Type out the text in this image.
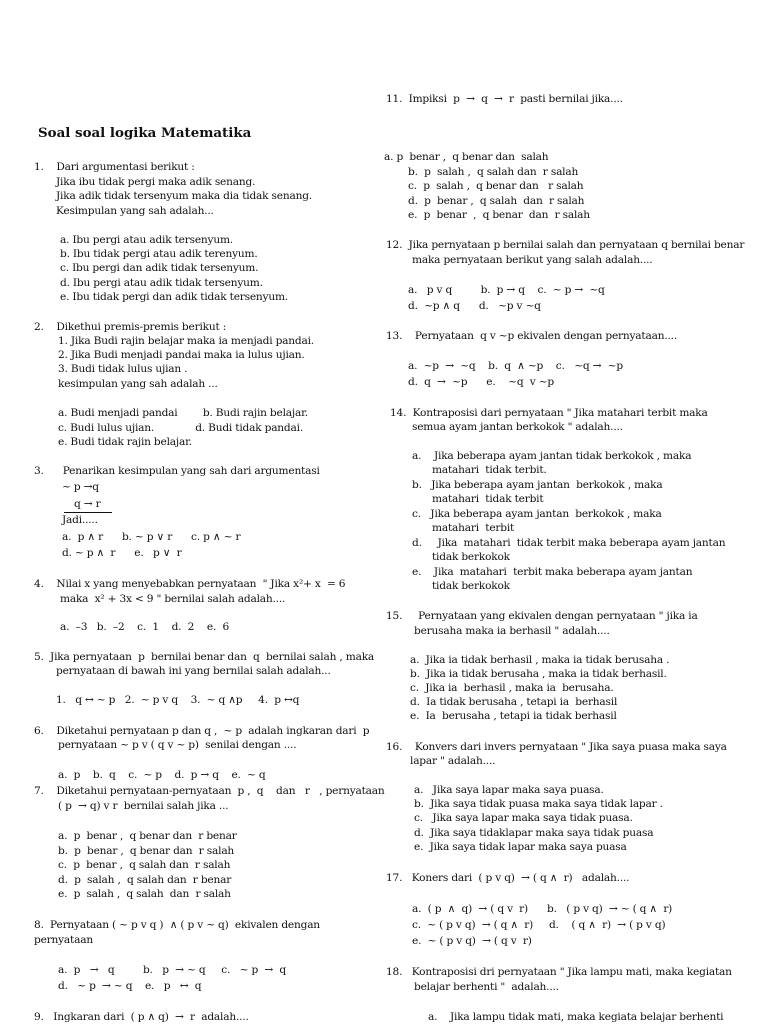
Soal soal logika Matematika
1.    Dari argumentasi berikut :
Jika ibu tidak pergi maka adik senang.
Jika adik tidak tersenyum maka dia tidak senang.
Kesimpulan yang sah adalah...
a. Ibu pergi atau adik tersenyum.
b. Ibu tidak pergi atau adik terenyum.
c. Ibu pergi dan adik tidak tersenyum.
d. Ibu pergi atau adik tidak tersenyum.
e. Ibu tidak pergi dan adik tidak tersenyum.
2.    Dikethui premis-premis berikut :
1. Jika Budi rajin belajar maka ia menjadi pandai.
2. Jika Budi menjadi pandai maka ia lulus ujian.
3. Budi tidak lulus ujian .
kesimpulan yang sah adalah ...
a. Budi menjadi pandai        b. Budi rajin belajar.
c. Budi lulus ujian.             d. Budi tidak pandai.
e. Budi tidak rajin belajar.
3.      Penarikan kesimpulan yang sah dari argumentasi
~ p →q
q → r
Jadi.....
a.  p ∧ r      b. ~ p ∨ r      c. p ∧ ~ r
d. ~ p ∧  r      e.   p ∨  r
4.    Nilai x yang menyebabkan pernyataan  " Jika x²+ x  = 6
maka  x² + 3x < 9 " bernilai salah adalah....
a.  –3   b.  –2    c.  1    d.  2    e.  6
5.  Jika pernyataan  p  bernilai benar dan  q  bernilai salah , maka
pernyataan di bawah ini yang bernilai salah adalah...
1.   q ↔ ~ p   2.  ~ p v q    3.  ~ q ∧p     4.  p ↔q
6.    Diketahui pernyataan p dan q ,  ~ p  adalah ingkaran dari  p
pernyataan ~ p v ( q v ~ p)  senilai dengan ....
a.  p    b.  q    c.  ~ p    d.  p → q    e.  ~ q
7.    Diketahui pernyataan-pernyataan  p ,  q    dan   r   , pernyataan
( p  → q) v r  bernilai salah jika ...
a.  p  benar ,  q benar dan  r benar
b.  p  benar ,  q benar dan  r salah
c.  p  benar ,  q salah dan  r salah
d.  p  salah ,  q salah dan  r benar
e.  p  salah ,  q salah  dan  r salah
8.  Pernyataan ( ~ p v q )  ∧ ( p v ~ q)  ekivalen dengan
pernyataan
a.  p   →   q         b.   p  → ~ q     c.   ~ p  →  q
d.   ~ p  → ~ q    e.   p   ↔  q
9.   Ingkaran dari  ( p ∧ q)  →  r  adalah....
11.  Impiksi  p  →  q  →  r  pasti bernilai jika....
a. p  benar ,  q benar dan  salah
b.  p  salah ,  q salah dan  r salah
c.  p  salah ,  q benar dan   r salah
d.  p  benar ,  q salah  dan  r salah
e.  p  benar  ,  q benar  dan  r salah
12.  Jika pernyataan p bernilai salah dan pernyataan q bernilai benar
maka pernyataan berikut yang salah adalah....
a.   p v q         b.  p → q    c.  ~ p →  ~q
d.  ~p ∧ q      d.   ~p v ~q
13.    Pernyataan  q v ~p ekivalen dengan pernyataan....
a.  ~p  →  ~q    b.  q  ∧ ~p    c.   ~q →  ~p
d.  q  →  ~p      e.    ~q  v ~p
14.  Kontraposisi dari pernyataan " Jika matahari terbit maka
semua ayam jantan berkokok " adalah....
a.    Jika beberapa ayam jantan tidak berkokok , maka
matahari  tidak terbit.
b.   Jika beberapa ayam jantan  berkokok , maka
matahari  tidak terbit
c.   Jika beberapa ayam jantan  berkokok , maka
matahari  terbit
d.     Jika  matahari  tidak terbit maka beberapa ayam jantan
tidak berkokok
e.    Jika  matahari  terbit maka beberapa ayam jantan
tidak berkokok
15.     Pernyataan yang ekivalen dengan pernyataan " jika ia
berusaha maka ia berhasil " adalah....
a.  Jika ia tidak berhasil , maka ia tidak berusaha .
b.  Jika ia tidak berusaha , maka ia tidak berhasil.
c.  Jika ia  berhasil , maka ia  berusaha.
d.  Ia tidak berusaha , tetapi ia  berhasil
e.  Ia  berusaha , tetapi ia tidak berhasil
16.    Konvers dari invers pernyataan " Jika saya puasa maka saya
lapar " adalah....
a.   Jika saya lapar maka saya puasa.
b.  Jika saya tidak puasa maka saya tidak lapar .
c.   Jika saya lapar maka saya tidak puasa.
d.  Jika saya tidaklapar maka saya tidak puasa
e.  Jika saya tidak lapar maka saya puasa
17.   Koners dari  ( p v q)  → ( q ∧  r)   adalah....
a.  ( p  ∧  q)  → ( q v  r)      b.   ( p v q)  → ~ ( q ∧  r)
c.  ~ ( p v q)  → ( q ∧  r)     d.    ( q ∧  r)  → ( p v q)
e.  ~ ( p v q)  → ( q v  r)
18.   Kontraposisi dri pernyataan " Jika lampu mati, maka kegiatan
belajar berhenti "  adalah....
a.    Jika lampu tidak mati, maka kegiata belajar berhenti
